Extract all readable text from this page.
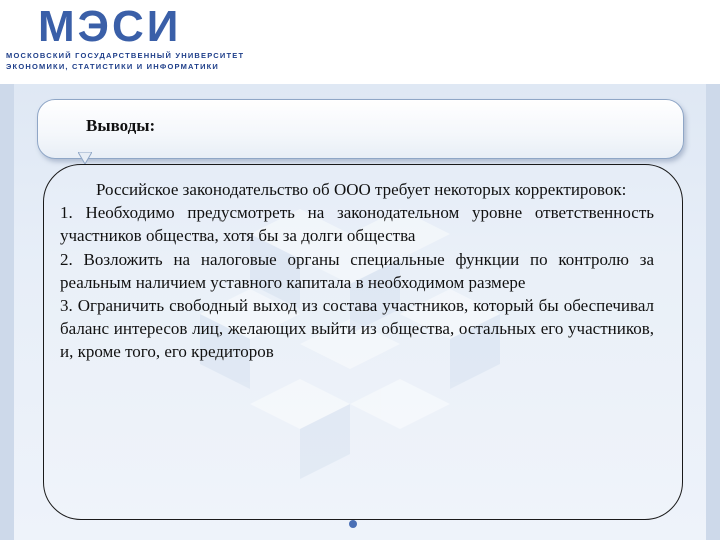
МЭСИ
МОСКОВСКИЙ ГОСУДАРСТВЕННЫЙ УНИВЕРСИТЕТ
ЭКОНОМИКИ, СТАТИСТИКИ И ИНФОРМАТИКИ
Выводы:

Российское законодательство об ООО требует некоторых корректировок:

1. Необходимо предусмотреть на законодательном уровне ответственность участников общества, хотя бы за долги общества

2. Возложить на налоговые органы специальные функции по контролю за реальным наличием уставного капитала в необходимом размере

3. Ограничить свободный выход из состава участников, который бы обеспечивал баланс интересов лиц, желающих выйти из общества, остальных его участников, и, кроме того, его кредиторов
